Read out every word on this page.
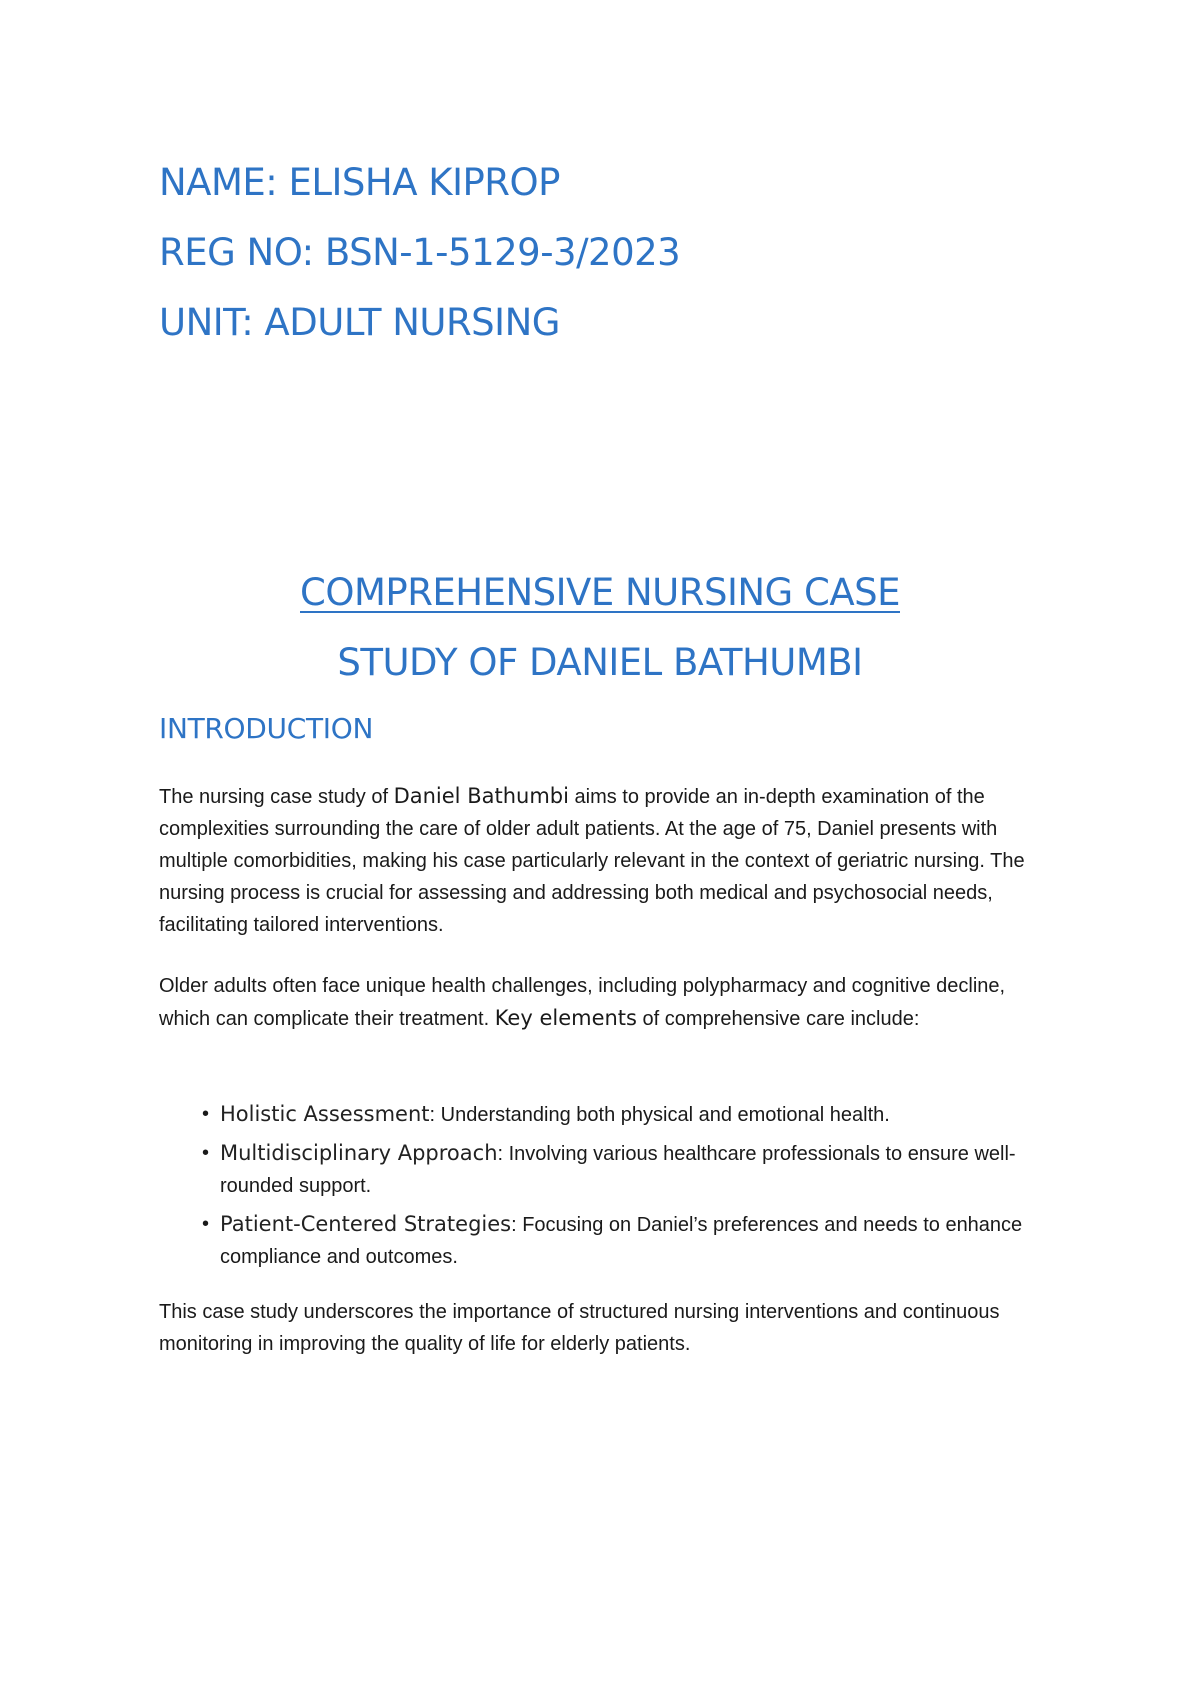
NAME: ELISHA KIPROP
REG NO: BSN-1-5129-3/2023
UNIT: ADULT NURSING
COMPREHENSIVE NURSING CASE
STUDY OF DANIEL BATHUMBI
INTRODUCTION

The nursing case study of Daniel Bathumbi aims to provide an in-depth examination of the complexities surrounding the care of older adult patients. At the age of 75, Daniel presents with multiple comorbidities, making his case particularly relevant in the context of geriatric nursing. The nursing process is crucial for assessing and addressing both medical and psychosocial needs, facilitating tailored interventions.

Older adults often face unique health challenges, including polypharmacy and cognitive decline, which can complicate their treatment. Key elements of comprehensive care include:

• Holistic Assessment: Understanding both physical and emotional health.
• Multidisciplinary Approach: Involving various healthcare professionals to ensure well-rounded support.
• Patient-Centered Strategies: Focusing on Daniel’s preferences and needs to enhance compliance and outcomes.

This case study underscores the importance of structured nursing interventions and continuous monitoring in improving the quality of life for elderly patients.
